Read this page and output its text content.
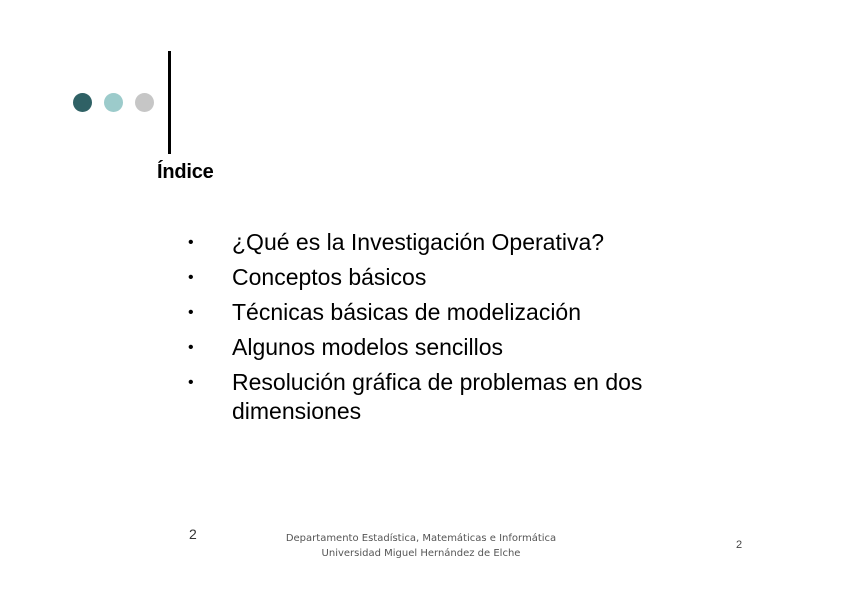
Índice
• ¿Qué es la Investigación Operativa?
• Conceptos básicos
• Técnicas básicas de modelización
• Algunos modelos sencillos
• Resolución gráfica de problemas en dos dimensiones
2	Departamento Estadística, Matemáticas e Informática
Universidad Miguel Hernández de Elche
2
